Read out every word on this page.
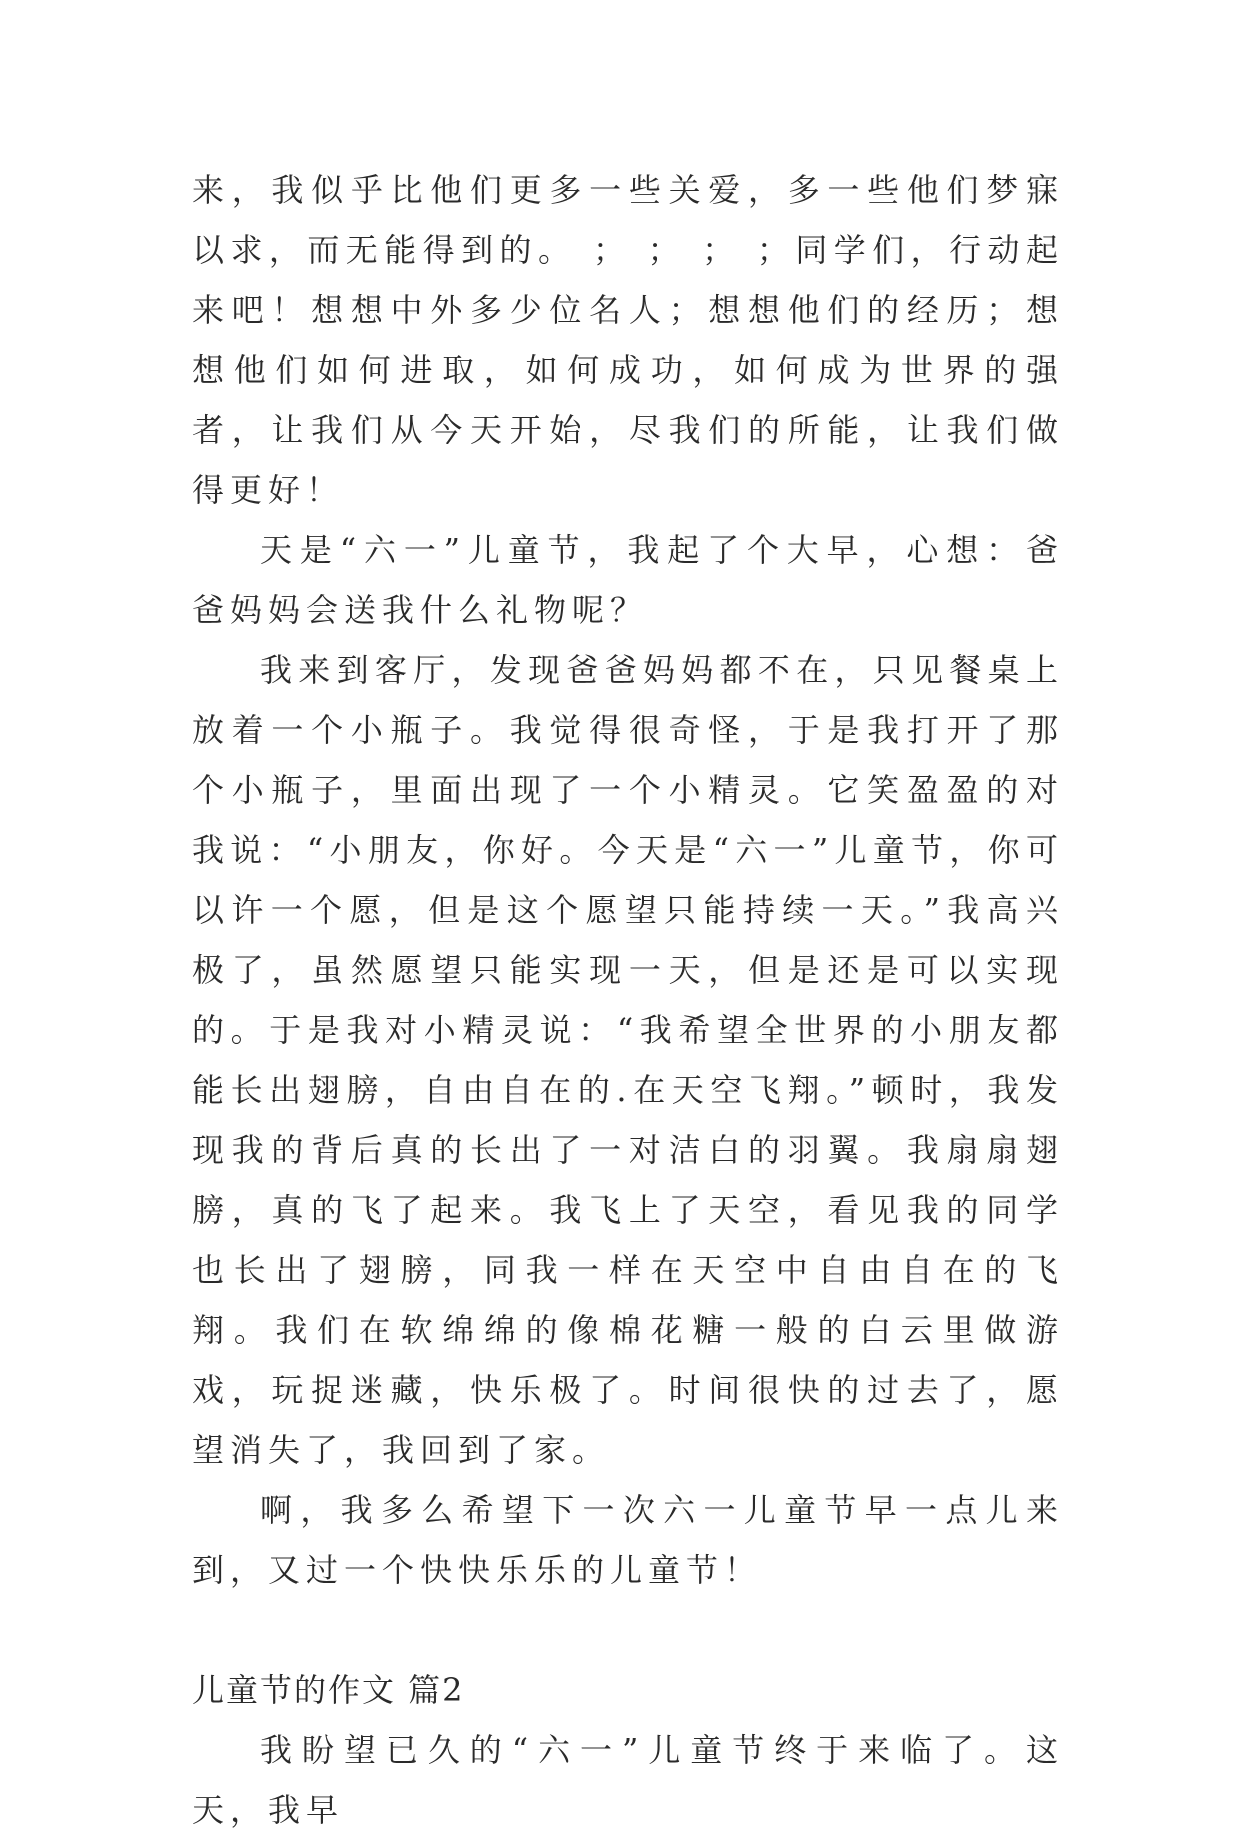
来，我似乎比他们更多一些关爱，多一些他们梦寐以求，而无能得到的。 ； ； ； ；同学们，行动起来吧！想想中外多少位名人；想想他们的经历；想想他们如何进取，如何成功，如何成为世界的强者，让我们从今天开始，尽我们的所能，让我们做得更好！

天是“六一”儿童节，我起了个大早，心想：爸爸妈妈会送我什么礼物呢？

我来到客厅，发现爸爸妈妈都不在，只见餐桌上放着一个小瓶子。我觉得很奇怪，于是我打开了那个小瓶子，里面出现了一个小精灵。它笑盈盈的对我说：“小朋友，你好。今天是“六一”儿童节，你可以许一个愿，但是这个愿望只能持续一天。”我高兴极了，虽然愿望只能实现一天，但是还是可以实现的。于是我对小精灵说：“我希望全世界的小朋友都能长出翅膀，自由自在的.在天空飞翔。”顿时，我发现我的背后真的长出了一对洁白的羽翼。我扇扇翅膀，真的飞了起来。我飞上了天空，看见我的同学也长出了翅膀，同我一样在天空中自由自在的飞翔。我们在软绵绵的像棉花糖一般的白云里做游戏，玩捉迷藏，快乐极了。时间很快的过去了，愿望消失了，我回到了家。

啊，我多么希望下一次六一儿童节早一点儿来到，又过一个快快乐乐的儿童节！

儿童节的作文 篇2

我盼望已久的“六一”儿童节终于来临了。这天，我早
